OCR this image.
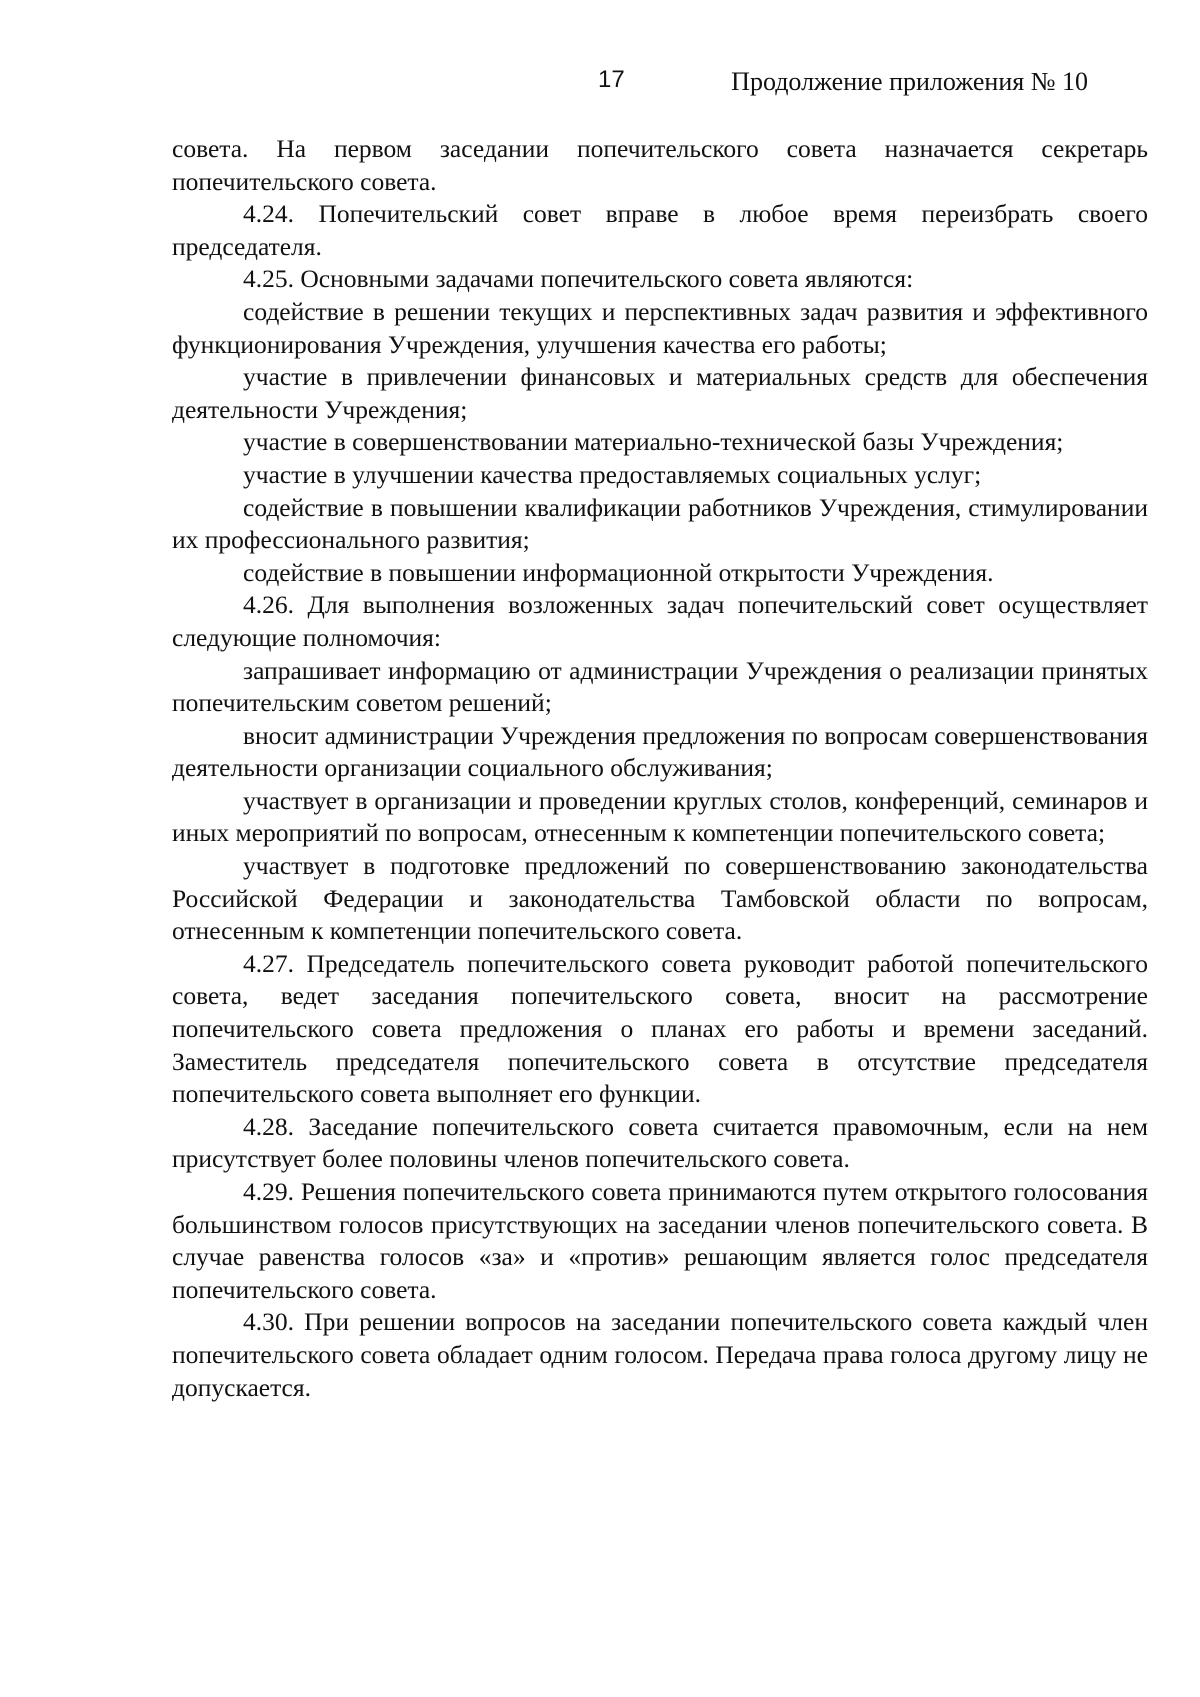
17	Продолжение приложения № 10

совета. На первом заседании попечительского совета назначается секретарь попечительского совета.

4.24. Попечительский совет вправе в любое время переизбрать своего председателя.

4.25. Основными задачами попечительского совета являются:

содействие в решении текущих и перспективных задач развития и эффективного функционирования Учреждения, улучшения качества его работы;

участие в привлечении финансовых и материальных средств для обеспечения деятельности Учреждения;

участие в совершенствовании материально-технической базы Учреждения;

участие в улучшении качества предоставляемых социальных услуг;

содействие в повышении квалификации работников Учреждения, стимулировании их профессионального развития;

содействие в повышении информационной открытости Учреждения.

4.26. Для выполнения возложенных задач попечительский совет осуществляет следующие полномочия:

запрашивает информацию от администрации Учреждения о реализации принятых попечительским советом решений;

вносит администрации Учреждения предложения по вопросам совершенствования деятельности организации социального обслуживания;

участвует в организации и проведении круглых столов, конференций, семинаров и иных мероприятий по вопросам, отнесенным к компетенции попечительского совета;

участвует в подготовке предложений по совершенствованию законодательства Российской Федерации и законодательства Тамбовской области по вопросам, отнесенным к компетенции попечительского совета.

4.27. Председатель попечительского совета руководит работой попечительского совета, ведет заседания попечительского совета, вносит на рассмотрение попечительского совета предложения о планах его работы и времени заседаний. Заместитель председателя попечительского совета в отсутствие председателя попечительского совета выполняет его функции.

4.28. Заседание попечительского совета считается правомочным, если на нем присутствует более половины членов попечительского совета.

4.29. Решения попечительского совета принимаются путем открытого голосования большинством голосов присутствующих на заседании членов попечительского совета. В случае равенства голосов «за» и «против» решающим является голос председателя попечительского совета.

4.30. При решении вопросов на заседании попечительского совета каждый член попечительского совета обладает одним голосом. Передача права голоса другому лицу не допускается.
